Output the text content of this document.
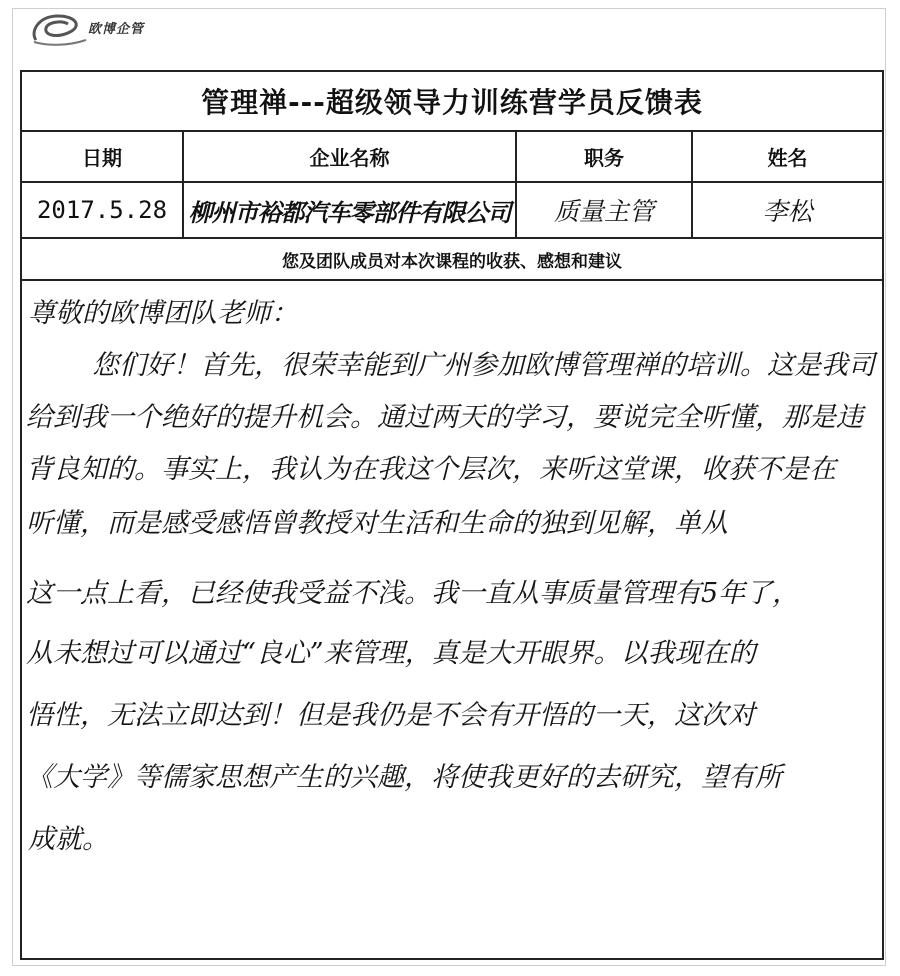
欧博企管
管理禅---超级领导力训练营学员反馈表
日期	企业名称	职务	姓名
2017.5.28 柳州市裕都汽车零部件有限公司	质量主管	李松
您及团队成员对本次课程的收获、感想和建议
尊敬的欧博团队老师：
您们好！首先，很荣幸能到广州参加欧博管理禅的培训。这是我司
给到我一个绝好的提升机会。通过两天的学习，要说完全听懂，那是违
背良知的。事实上，我认为在我这个层次，来听这堂课，收获不是在
听懂，而是感受感悟曾教授对生活和生命的独到见解，单从
这一点上看，已经使我受益不浅。我一直从事质量管理有5年了，
从未想过可以通过“良心”来管理，真是大开眼界。以我现在的
悟性，无法立即达到！但是我仍是不会有开悟的一天，这次对
《大学》等儒家思想产生的兴趣，将使我更好的去研究，望有所
成就。
